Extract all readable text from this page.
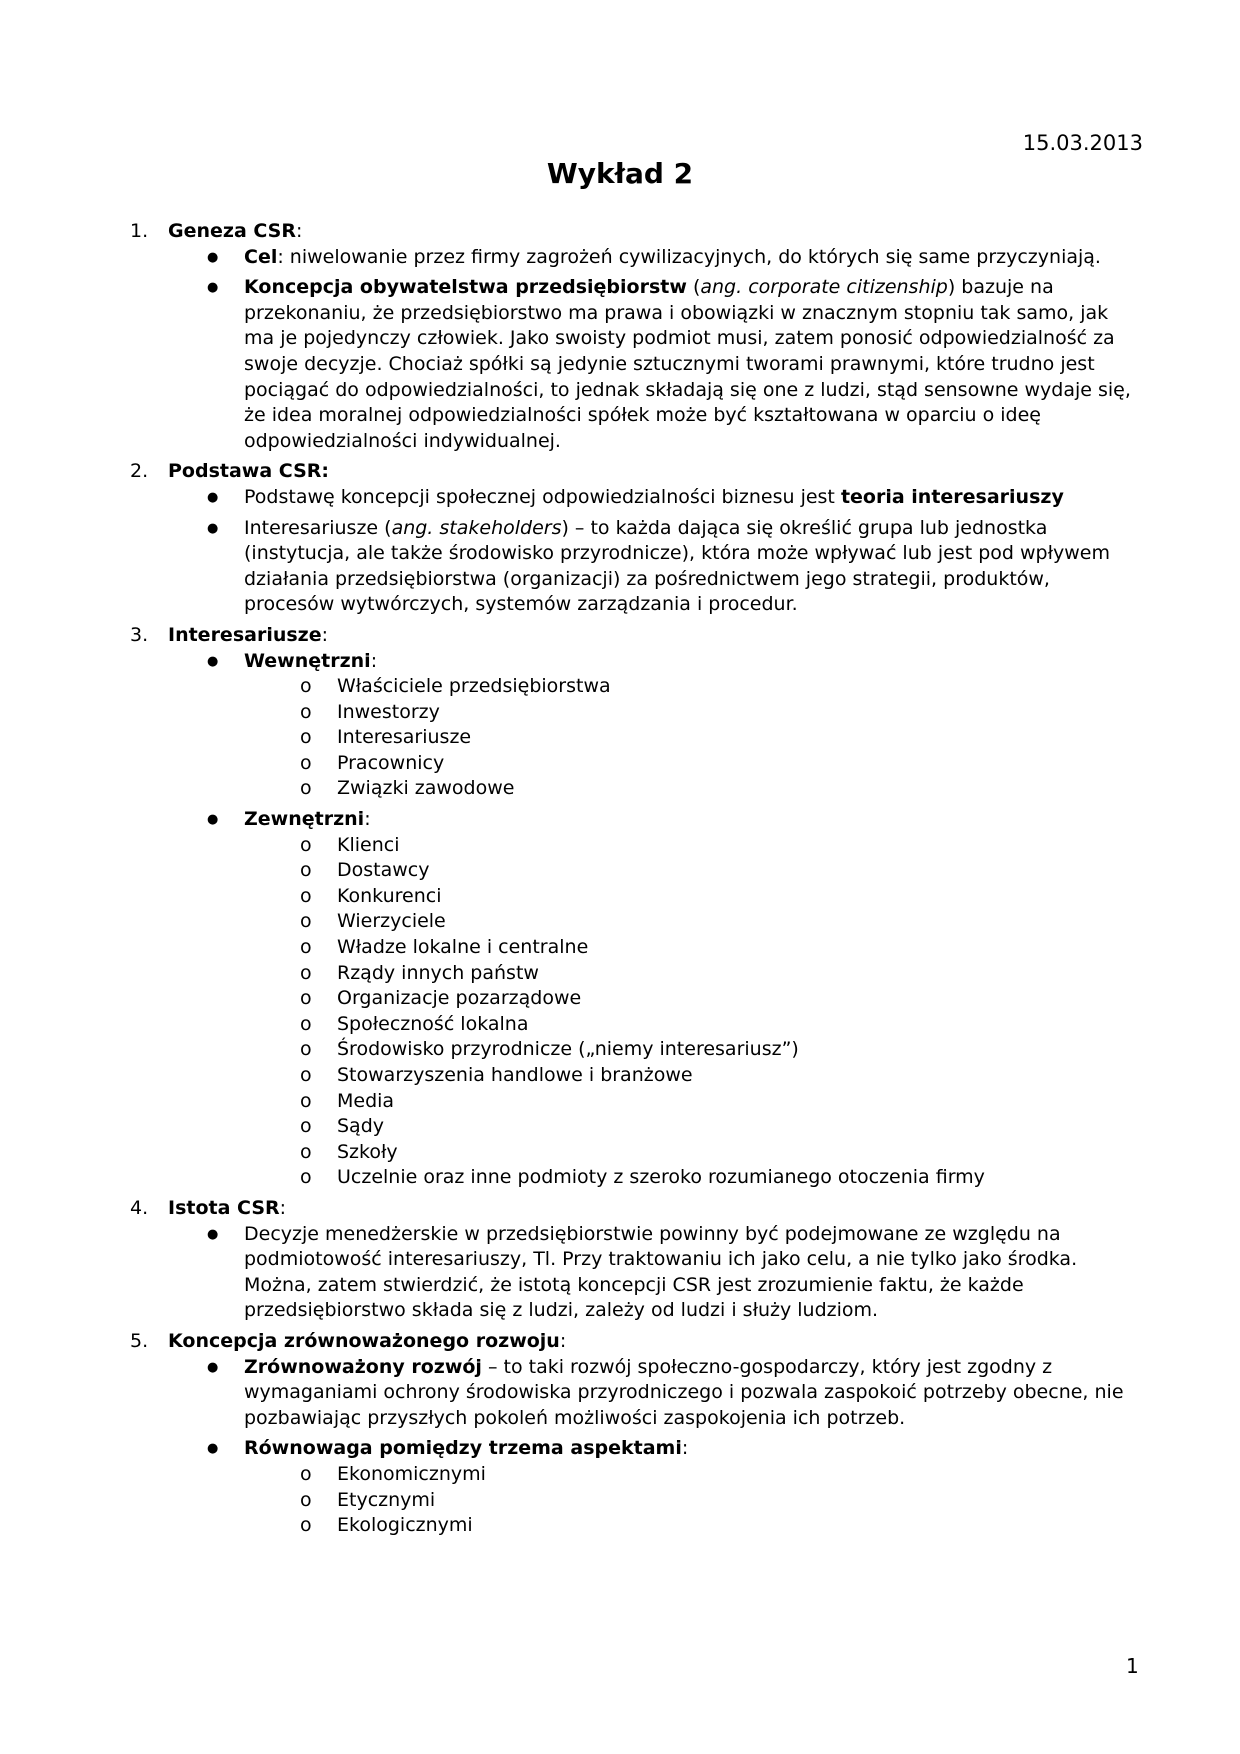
15.03.2013
Wykład 2
1. Geneza CSR:
● Cel: niwelowanie przez firmy zagrożeń cywilizacyjnych, do których się same przyczyniają.
● Koncepcja obywatelstwa przedsiębiorstw (ang. corporate citizenship) bazuje na przekonaniu, że przedsiębiorstwo ma prawa i obowiązki w znacznym stopniu tak samo, jak ma je pojedynczy człowiek. Jako swoisty podmiot musi, zatem ponosić odpowiedzialność za swoje decyzje. Chociaż spółki są jedynie sztucznymi tworami prawnymi, które trudno jest pociągać do odpowiedzialności, to jednak składają się one z ludzi, stąd sensowne wydaje się, że idea moralnej odpowiedzialności spółek może być kształtowana w oparciu o ideę odpowiedzialności indywidualnej.
2. Podstawa CSR:
● Podstawę koncepcji społecznej odpowiedzialności biznesu jest teoria interesariuszy
● Interesariusze (ang. stakeholders) – to każda dająca się określić grupa lub jednostka (instytucja, ale także środowisko przyrodnicze), która może wpływać lub jest pod wpływem działania przedsiębiorstwa (organizacji) za pośrednictwem jego strategii, produktów, procesów wytwórczych, systemów zarządzania i procedur.
3. Interesariusze:
● Wewnętrzni:
o Właściciele przedsiębiorstwa
o Inwestorzy
o Interesariusze
o Pracownicy
o Związki zawodowe
● Zewnętrzni:
o Klienci
o Dostawcy
o Konkurenci
o Wierzyciele
o Władze lokalne i centralne
o Rządy innych państw
o Organizacje pozarządowe
o Społeczność lokalna
o Środowisko przyrodnicze („niemy interesariusz”)
o Stowarzyszenia handlowe i branżowe
o Media
o Sądy
o Szkoły
o Uczelnie oraz inne podmioty z szeroko rozumianego otoczenia firmy
4. Istota CSR:
● Decyzje menedżerskie w przedsiębiorstwie powinny być podejmowane ze względu na podmiotowość interesariuszy, Tl. Przy traktowaniu ich jako celu, a nie tylko jako środka. Można, zatem stwierdzić, że istotą koncepcji CSR jest zrozumienie faktu, że każde przedsiębiorstwo składa się z ludzi, zależy od ludzi i służy ludziom.
5. Koncepcja zrównoważonego rozwoju:
● Zrównoważony rozwój – to taki rozwój społeczno-gospodarczy, który jest zgodny z wymaganiami ochrony środowiska przyrodniczego i pozwala zaspokoić potrzeby obecne, nie pozbawiając przyszłych pokoleń możliwości zaspokojenia ich potrzeb.
● Równowaga pomiędzy trzema aspektami:
o Ekonomicznymi
o Etycznymi
o Ekologicznymi
1
